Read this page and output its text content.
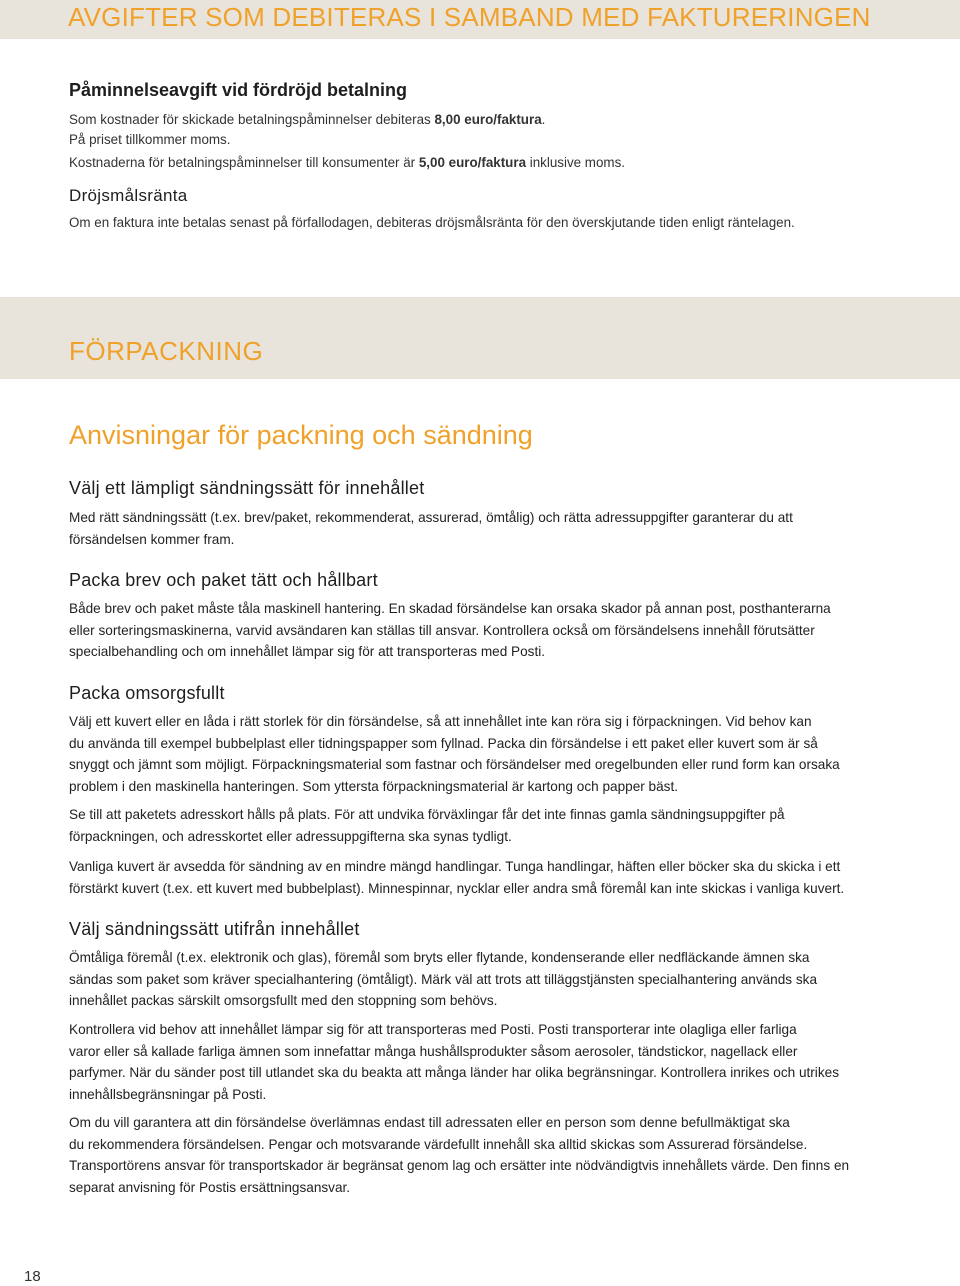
AVGIFTER SOM DEBITERAS I SAMBAND MED FAKTURERINGEN
Påminnelseavgift vid fördröjd betalning
Som kostnader för skickade betalningspåminnelser debiteras 8,00 euro/faktura.
På priset tillkommer moms.
Kostnaderna för betalningspåminnelser till konsumenter är 5,00 euro/faktura inklusive moms.
Dröjsmålsränta
Om en faktura inte betalas senast på förfallodagen, debiteras dröjsmålsränta för den överskjutande tiden enligt räntelagen.
FÖRPACKNING
Anvisningar för packning och sändning
Välj ett lämpligt sändningssätt för innehållet
Med rätt sändningssätt (t.ex. brev/paket, rekommenderat, assurerad, ömtålig) och rätta adressuppgifter garanterar du att
försändelsen kommer fram.
Packa brev och paket tätt och hållbart
Både brev och paket måste tåla maskinell hantering. En skadad försändelse kan orsaka skador på annan post, posthanterarna
eller sorteringsmaskinerna, varvid avsändaren kan ställas till ansvar. Kontrollera också om försändelsens innehåll förutsätter
specialbehandling och om innehållet lämpar sig för att transporteras med Posti.
Packa omsorgsfullt
Välj ett kuvert eller en låda i rätt storlek för din försändelse, så att innehållet inte kan röra sig i förpackningen. Vid behov kan
du använda till exempel bubbelplast eller tidningspapper som fyllnad. Packa din försändelse i ett paket eller kuvert som är så
snyggt och jämnt som möjligt. Förpackningsmaterial som fastnar och försändelser med oregelbunden eller rund form kan orsaka
problem i den maskinella hanteringen. Som yttersta förpackningsmaterial är kartong och papper bäst.
Se till att paketets adresskort hålls på plats. För att undvika förväxlingar får det inte finnas gamla sändningsuppgifter på
förpackningen, och adresskortet eller adressuppgifterna ska synas tydligt.
Vanliga kuvert är avsedda för sändning av en mindre mängd handlingar. Tunga handlingar, häften eller böcker ska du skicka i ett
förstärkt kuvert (t.ex. ett kuvert med bubbelplast). Minnespinnar, nycklar eller andra små föremål kan inte skickas i vanliga kuvert.
Välj sändningssätt utifrån innehållet
Ömtåliga föremål (t.ex. elektronik och glas), föremål som bryts eller flytande, kondenserande eller nedfläckande ämnen ska
sändas som paket som kräver specialhantering (ömtåligt). Märk väl att trots att tilläggstjänsten specialhantering används ska
innehållet packas särskilt omsorgsfullt med den stoppning som behövs.
Kontrollera vid behov att innehållet lämpar sig för att transporteras med Posti. Posti transporterar inte olagliga eller farliga
varor eller så kallade farliga ämnen som innefattar många hushållsprodukter såsom aerosoler, tändstickor, nagellack eller
parfymer. När du sänder post till utlandet ska du beakta att många länder har olika begränsningar. Kontrollera inrikes och utrikes
innehållsbegränsningar på Posti.
Om du vill garantera att din försändelse överlämnas endast till adressaten eller en person som denne befullmäktigat ska
du rekommendera försändelsen. Pengar och motsvarande värdefullt innehåll ska alltid skickas som Assurerad försändelse.
Transportörens ansvar för transportskador är begränsat genom lag och ersätter inte nödvändigtvis innehållets värde. Den finns en
separat anvisning för Postis ersättningsansvar.
18
